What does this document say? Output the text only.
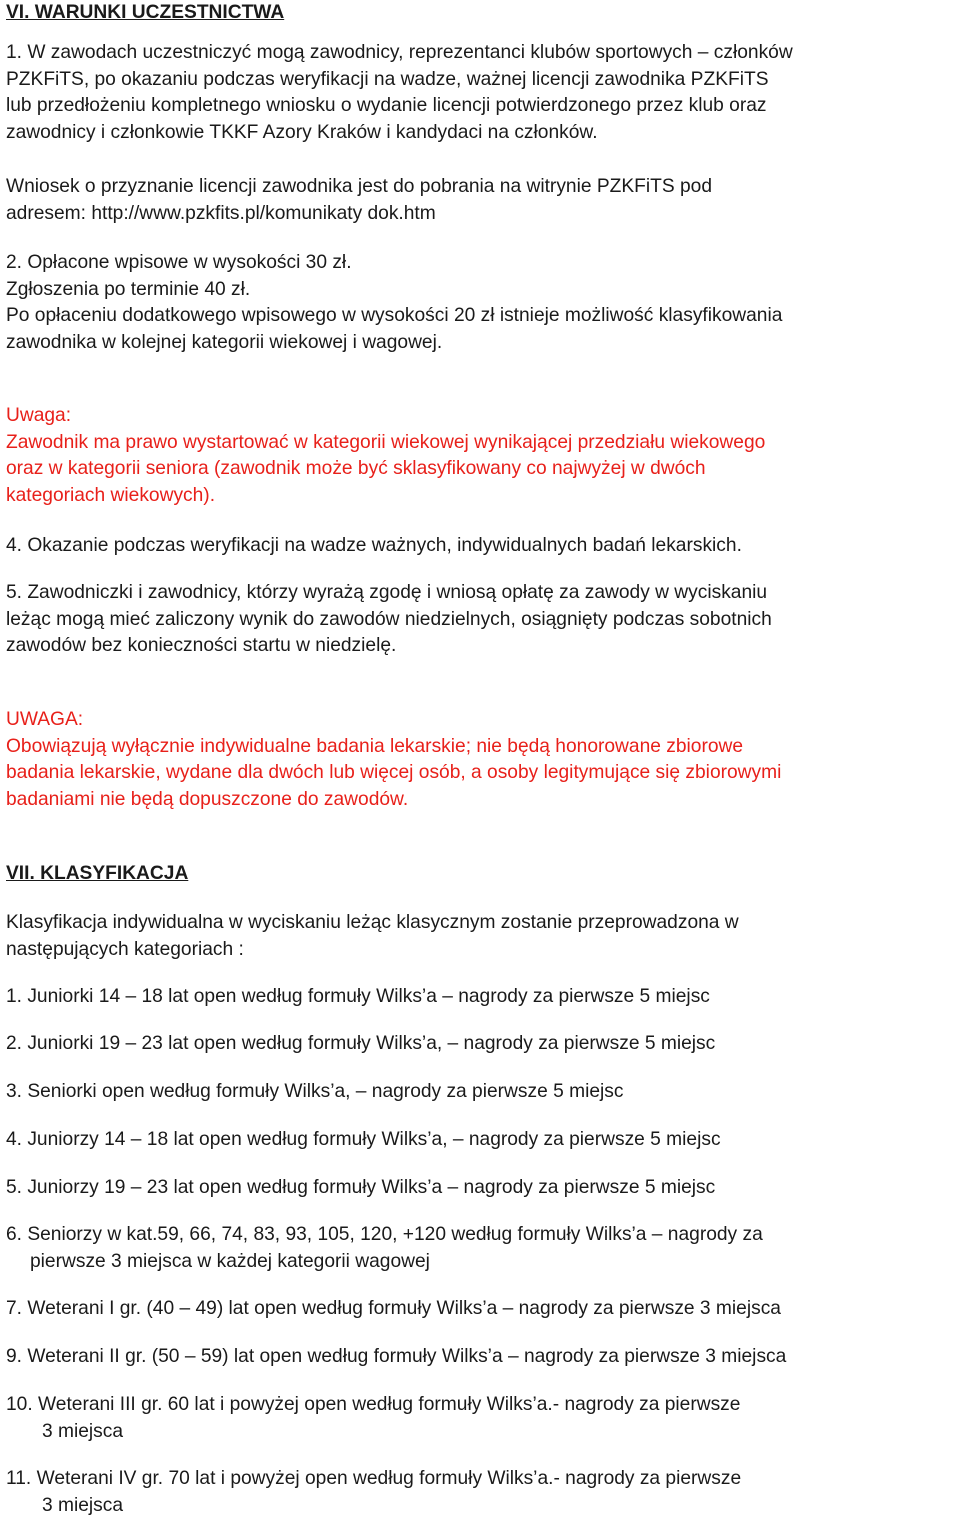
VI. WARUNKI UCZESTNICTWA
1. W zawodach uczestniczyć mogą zawodnicy, reprezentanci klubów sportowych – członków
PZKFiTS, po okazaniu podczas weryfikacji na wadze, ważnej licencji zawodnika PZKFiTS
lub przedłożeniu kompletnego wniosku o wydanie licencji potwierdzonego przez klub oraz
zawodnicy i członkowie TKKF Azory Kraków i kandydaci na członków.
Wniosek o przyznanie licencji zawodnika jest do pobrania na witrynie PZKFiTS pod
adresem: http://www.pzkfits.pl/komunikaty dok.htm
2. Opłacone wpisowe w wysokości 30 zł.
Zgłoszenia po terminie 40 zł.
Po opłaceniu dodatkowego wpisowego w wysokości 20 zł istnieje możliwość klasyfikowania
zawodnika w kolejnej kategorii wiekowej i wagowej.
Uwaga:
Zawodnik ma prawo wystartować w kategorii wiekowej wynikającej przedziału wiekowego
oraz w kategorii seniora (zawodnik może być sklasyfikowany co najwyżej w dwóch
kategoriach wiekowych).
4. Okazanie podczas weryfikacji na wadze ważnych, indywidualnych badań lekarskich.
5. Zawodniczki i zawodnicy, którzy wyrażą zgodę i wniosą opłatę za zawody w wyciskaniu
leżąc mogą mieć zaliczony wynik do zawodów niedzielnych, osiągnięty podczas sobotnich
zawodów bez konieczności startu w niedzielę.
UWAGA:
Obowiązują wyłącznie indywidualne badania lekarskie; nie będą honorowane zbiorowe
badania lekarskie, wydane dla dwóch lub więcej osób, a osoby legitymujące się zbiorowymi
badaniami nie będą dopuszczone do zawodów.
VII. KLASYFIKACJA
Klasyfikacja indywidualna w wyciskaniu leżąc klasycznym zostanie przeprowadzona w
następujących kategoriach :
1. Juniorki 14 – 18 lat open według formuły Wilks’a – nagrody za pierwsze 5 miejsc
2. Juniorki 19 – 23 lat open według formuły Wilks’a, – nagrody za pierwsze 5 miejsc
3. Seniorki open według formuły Wilks’a, – nagrody za pierwsze 5 miejsc
4. Juniorzy 14 – 18 lat open według formuły Wilks’a, – nagrody za pierwsze 5 miejsc
5. Juniorzy 19 – 23 lat open według formuły Wilks’a – nagrody za pierwsze 5 miejsc
6. Seniorzy w kat.59, 66, 74, 83, 93, 105, 120, +120 według formuły Wilks’a – nagrody za
pierwsze 3 miejsca w każdej kategorii wagowej
7. Weterani I gr. (40 – 49) lat open według formuły Wilks’a – nagrody za pierwsze 3 miejsca
9. Weterani II gr. (50 – 59) lat open według formuły Wilks’a – nagrody za pierwsze 3 miejsca
10. Weterani III gr. 60 lat i powyżej open według formuły Wilks’a.- nagrody za pierwsze
3 miejsca
11. Weterani IV gr. 70 lat i powyżej open według formuły Wilks’a.- nagrody za pierwsze
3 miejsca
